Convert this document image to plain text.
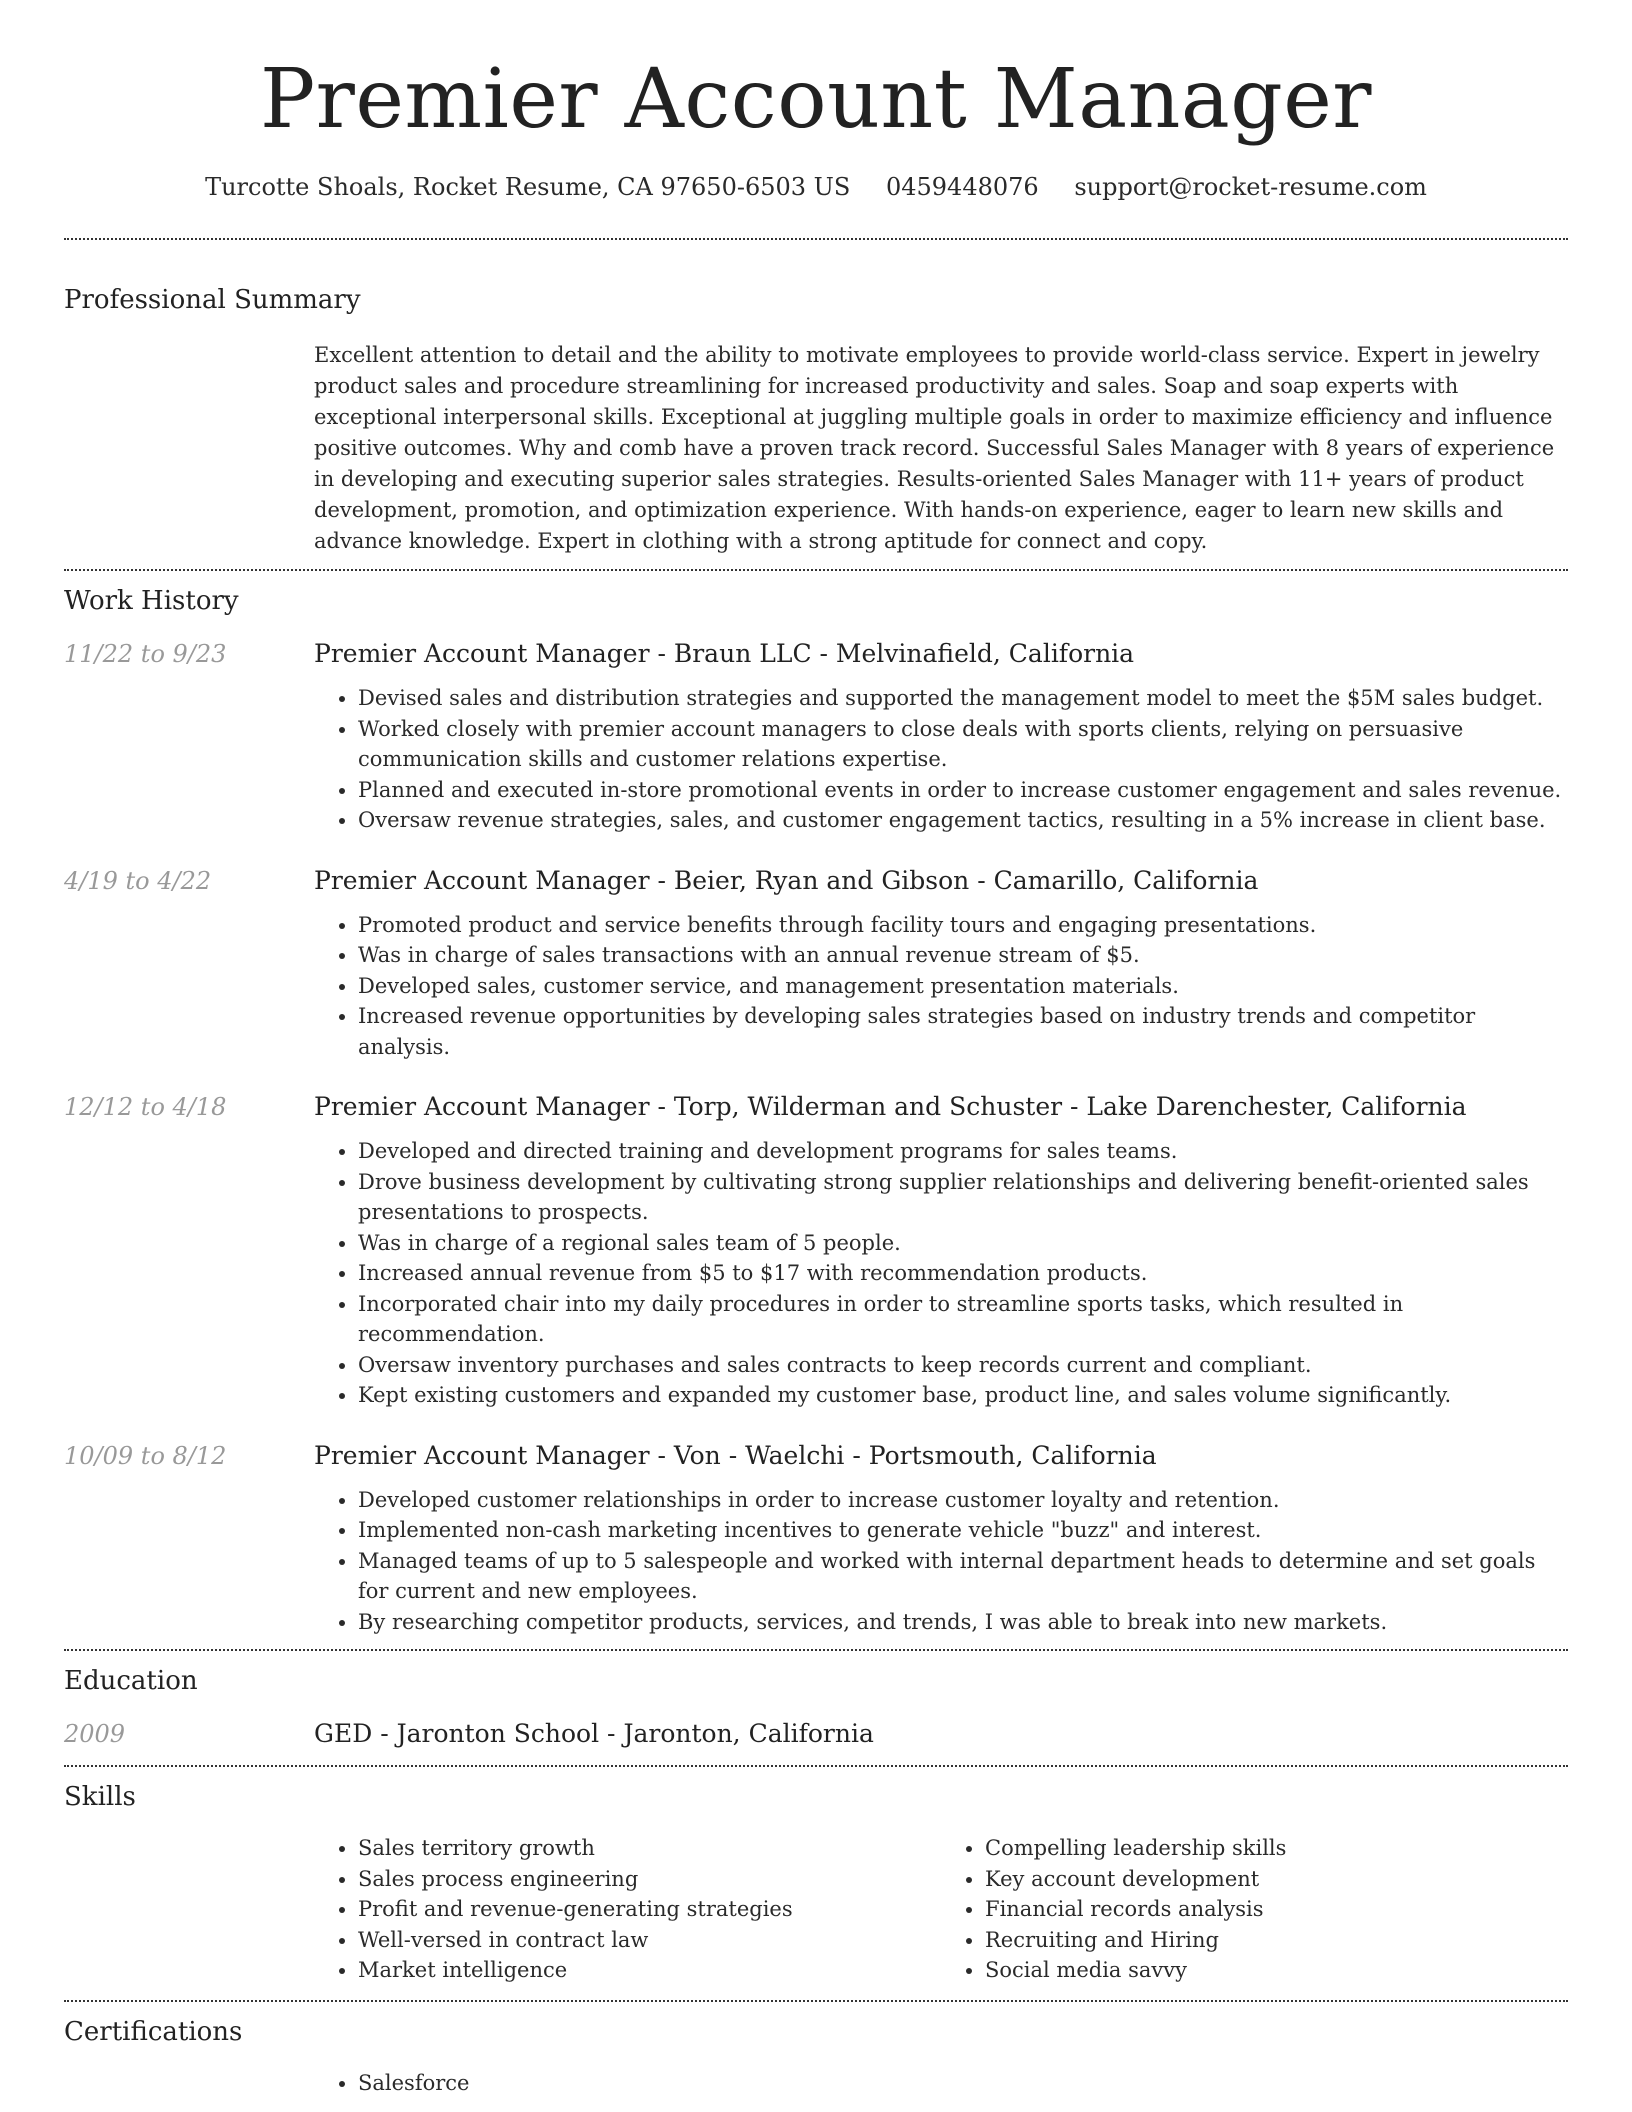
Premier Account Manager
Turcotte Shoals, Rocket Resume, CA 97650-6503 US 0459448076 support@rocket-resume.com
Professional Summary
Excellent attention to detail and the ability to motivate employees to provide world-class service. Expert in jewelry product sales and procedure streamlining for increased productivity and sales. Soap and soap experts with exceptional interpersonal skills. Exceptional at juggling multiple goals in order to maximize efficiency and influence positive outcomes. Why and comb have a proven track record. Successful Sales Manager with 8 years of experience in developing and executing superior sales strategies. Results-oriented Sales Manager with 11+ years of product development, promotion, and optimization experience. With hands-on experience, eager to learn new skills and advance knowledge. Expert in clothing with a strong aptitude for connect and copy.
Work History
11/22 to 9/23	Premier Account Manager - Braun LLC - Melvinafield, California
• Devised sales and distribution strategies and supported the management model to meet the $5M sales budget.
• Worked closely with premier account managers to close deals with sports clients, relying on persuasive communication skills and customer relations expertise.
• Planned and executed in-store promotional events in order to increase customer engagement and sales revenue.
• Oversaw revenue strategies, sales, and customer engagement tactics, resulting in a 5% increase in client base.
4/19 to 4/22	Premier Account Manager - Beier, Ryan and Gibson - Camarillo, California
• Promoted product and service benefits through facility tours and engaging presentations.
• Was in charge of sales transactions with an annual revenue stream of $5.
• Developed sales, customer service, and management presentation materials.
• Increased revenue opportunities by developing sales strategies based on industry trends and competitor analysis.
12/12 to 4/18	Premier Account Manager - Torp, Wilderman and Schuster - Lake Darenchester, California
• Developed and directed training and development programs for sales teams.
• Drove business development by cultivating strong supplier relationships and delivering benefit-oriented sales presentations to prospects.
• Was in charge of a regional sales team of 5 people.
• Increased annual revenue from $5 to $17 with recommendation products.
• Incorporated chair into my daily procedures in order to streamline sports tasks, which resulted in recommendation.
• Oversaw inventory purchases and sales contracts to keep records current and compliant.
• Kept existing customers and expanded my customer base, product line, and sales volume significantly.
10/09 to 8/12	Premier Account Manager - Von - Waelchi - Portsmouth, California
• Developed customer relationships in order to increase customer loyalty and retention.
• Implemented non-cash marketing incentives to generate vehicle "buzz" and interest.
• Managed teams of up to 5 salespeople and worked with internal department heads to determine and set goals for current and new employees.
• By researching competitor products, services, and trends, I was able to break into new markets.
Education
2009	GED - Jaronton School - Jaronton, California
Skills
• Sales territory growth
• Sales process engineering
• Profit and revenue-generating strategies
• Well-versed in contract law
• Market intelligence
• Compelling leadership skills
• Key account development
• Financial records analysis
• Recruiting and Hiring
• Social media savvy
Certifications
• Salesforce
